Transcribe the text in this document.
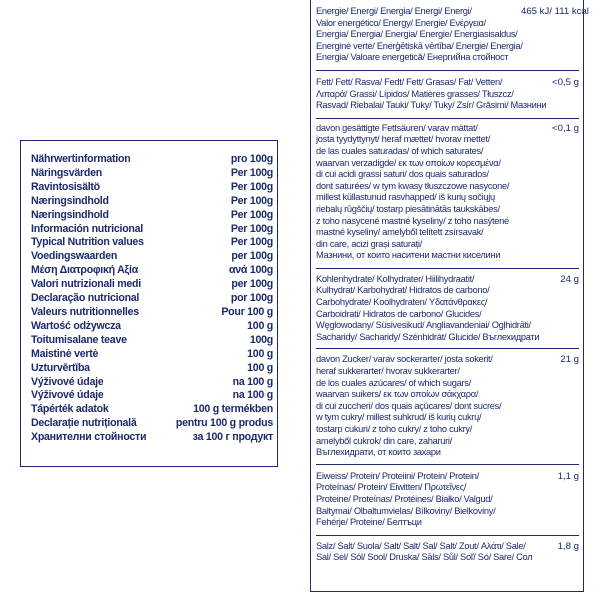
Nährwertinformation	pro 100g
Näringsvärden	Per 100g
Ravintosisältö	Per 100g
Næringsindhold	Per 100g
Næringsindhold	Per 100g
Información nutricional	Per 100g
Typical Nutrition values	Per 100g
Voedingswaarden	per 100g
Μέση Διατροφική Αξία	ανά 100g
Valori nutrizionali medi	per 100g
Declaração nutricional	por 100g
Valeurs nutritionnelles	Pour 100 g
Wartość odżywcza	100 g
Toitumisalane teave	100g
Maistinė vertė	100 g
Uzturvērtība	100 g
Výživové údaje	na 100 g
Výživové údaje	na 100 g
Tápérték adatok	100 g termékben
Declarație nutrițională	pentru 100 g produs
Хранителни стойности	за 100 г продукт
Energie/ Energi/ Energia/ Energi/ Energi/
Valor energético/ Energy/ Energie/ Ενέργεια/
Energia/ Energia/ Energia/ Energie/ Energiasisaldus/
Energinė vertė/ Enerģētiskā vērtība/ Energie/ Energia/
Energia/ Valoare energetică/ Енергийна стойност
465 kJ/ 111 kcal
Fett/ Fett/ Rasva/ Fedt/ Fett/ Grasas/ Fat/ Vetten/
Λιπαρά/ Grassi/ Lípidos/ Matières grasses/ Tłuszcz/
Rasvad/ Riebalai/ Tauki/ Tuky/ Tuky/ Zsír/ Grăsimi/ Мазнини
<0,5 g
davon gesättigte Fettsäuren/ varav mättat/
josta tyydyttynyt/ heraf mættet/ hvorav mettet/
de las cuales saturadas/ of which saturates/
waarvan verzadigde/ εκ των οποίων κορεσμένα/
di cui acidi grassi saturi/ dos quais saturados/
dont saturées/ w tym kwasy tłuszczowe nasycone/
millest küllastunud rasvhapped/ iš kurių sočiųjų
riebalų rūgščių/ tostarp piesātinātās taukskābes/
z toho nasycené mastné kyseliny/ z toho nasýtené
mastné kyseliny/ amelyből telített zsírsavak/
din care, acizi grași saturați/
Мазнини, от които наситени мастни киселини
<0,1 g
Kohlenhydrate/ Kolhydrater/ Hiilihydraatit/
Kulhydrat/ Karbohydrat/ Hidratos de carbono/
Carbohydrate/ Koolhydraten/ Υδατάνθρακες/
Carboidrati/ Hidratos de carbono/ Glucides/
Węglowodany/ Süsivesikud/ Angliavandeniai/ Ogļhidrāti/
Sacharidy/ Sacharidy/ Szénhidrát/ Glucide/ Въглехидрати
24 g
davon Zucker/ varav sockerarter/ josta sokerit/
heraf sukkerarter/ hvorav sukkerarter/
de los cuales azúcares/ of which sugars/
waarvan suikers/ εκ των οποίων σάκχαρα/
di cui zuccheri/ dos quais açúcares/ dont sucres/
w tym cukry/ millest suhkrud/ iš kurių cukrų/
tostarp cukuri/ z toho cukry/ z toho cukry/
amelyből cukrok/ din care, zaharuri/
Въглехидрати, от които захари
21 g
Eiweiss/ Protein/ Proteiini/ Protein/ Protein/
Proteínas/ Protein/ Eiwitten/ Πρωτεΐνες/
Proteine/ Proteínas/ Protéines/ Białko/ Valgud/
Baltymai/ Olbaltumvielas/ Bílkoviny/ Bielkoviny/
Fehérje/ Proteine/ Белтъци
1,1 g
Salz/ Salt/ Suola/ Salt/ Salt/ Sal/ Salt/ Zout/ Αλάτι/ Sale/
Sal/ Sel/ Sól/ Sool/ Druska/ Sāls/ Sůl/ Soľ/ Só/ Sare/ Сол
1,8 g
